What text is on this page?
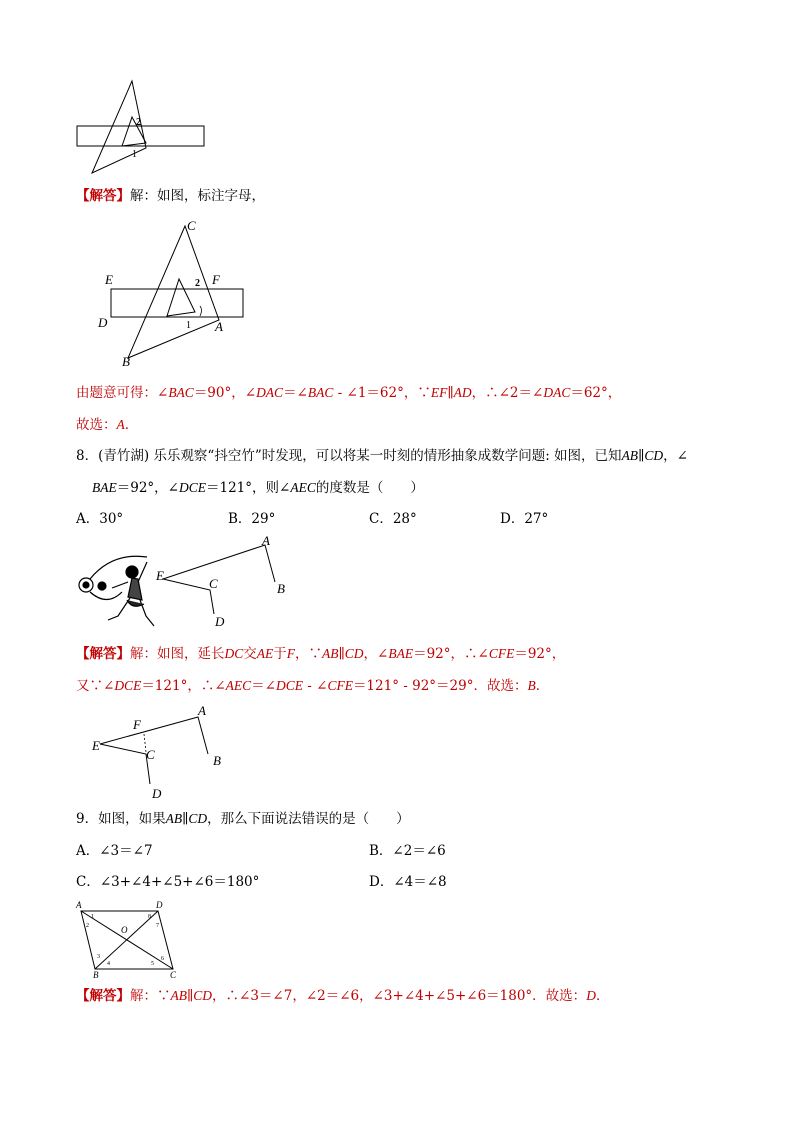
2
1
【解答】解：如图，标注字母，
C
E	F
D	A
B
2
1
由题意可得：∠BAC＝90°，∠DAC＝∠BAC - ∠1＝62°，∵EF∥AD，∴∠2＝∠DAC＝62°，
故选：A．
8．(青竹湖) 乐乐观察“抖空竹”时发现，可以将某一时刻的情形抽象成数学问题: 如图，已知AB∥CD，∠
BAE＝92°，∠DCE＝121°，则∠AEC的度数是（　　）
A．30°	B．29°	C．28°	D．27°
A
E
C	B
D
【解答】解：如图，延长DC交AE于F，∵AB∥CD，∠BAE＝92°，∴∠CFE＝92°，
又∵∠DCE＝121°，∴∠AEC＝∠DCE - ∠CFE＝121° - 92°＝29°．故选：B．
F
A
E
C	B
D
9．如图，如果AB∥CD，那么下面说法错误的是（　　）
A．∠3＝∠7	B．∠2＝∠6
C．∠3+∠4+∠5+∠6＝180°	D．∠4＝∠8
A	D
O
B	C
1
2
3
4	5
6
7
8
【解答】解：∵AB∥CD，∴∠3＝∠7，∠2＝∠6，∠3+∠4+∠5+∠6＝180°．故选：D．
